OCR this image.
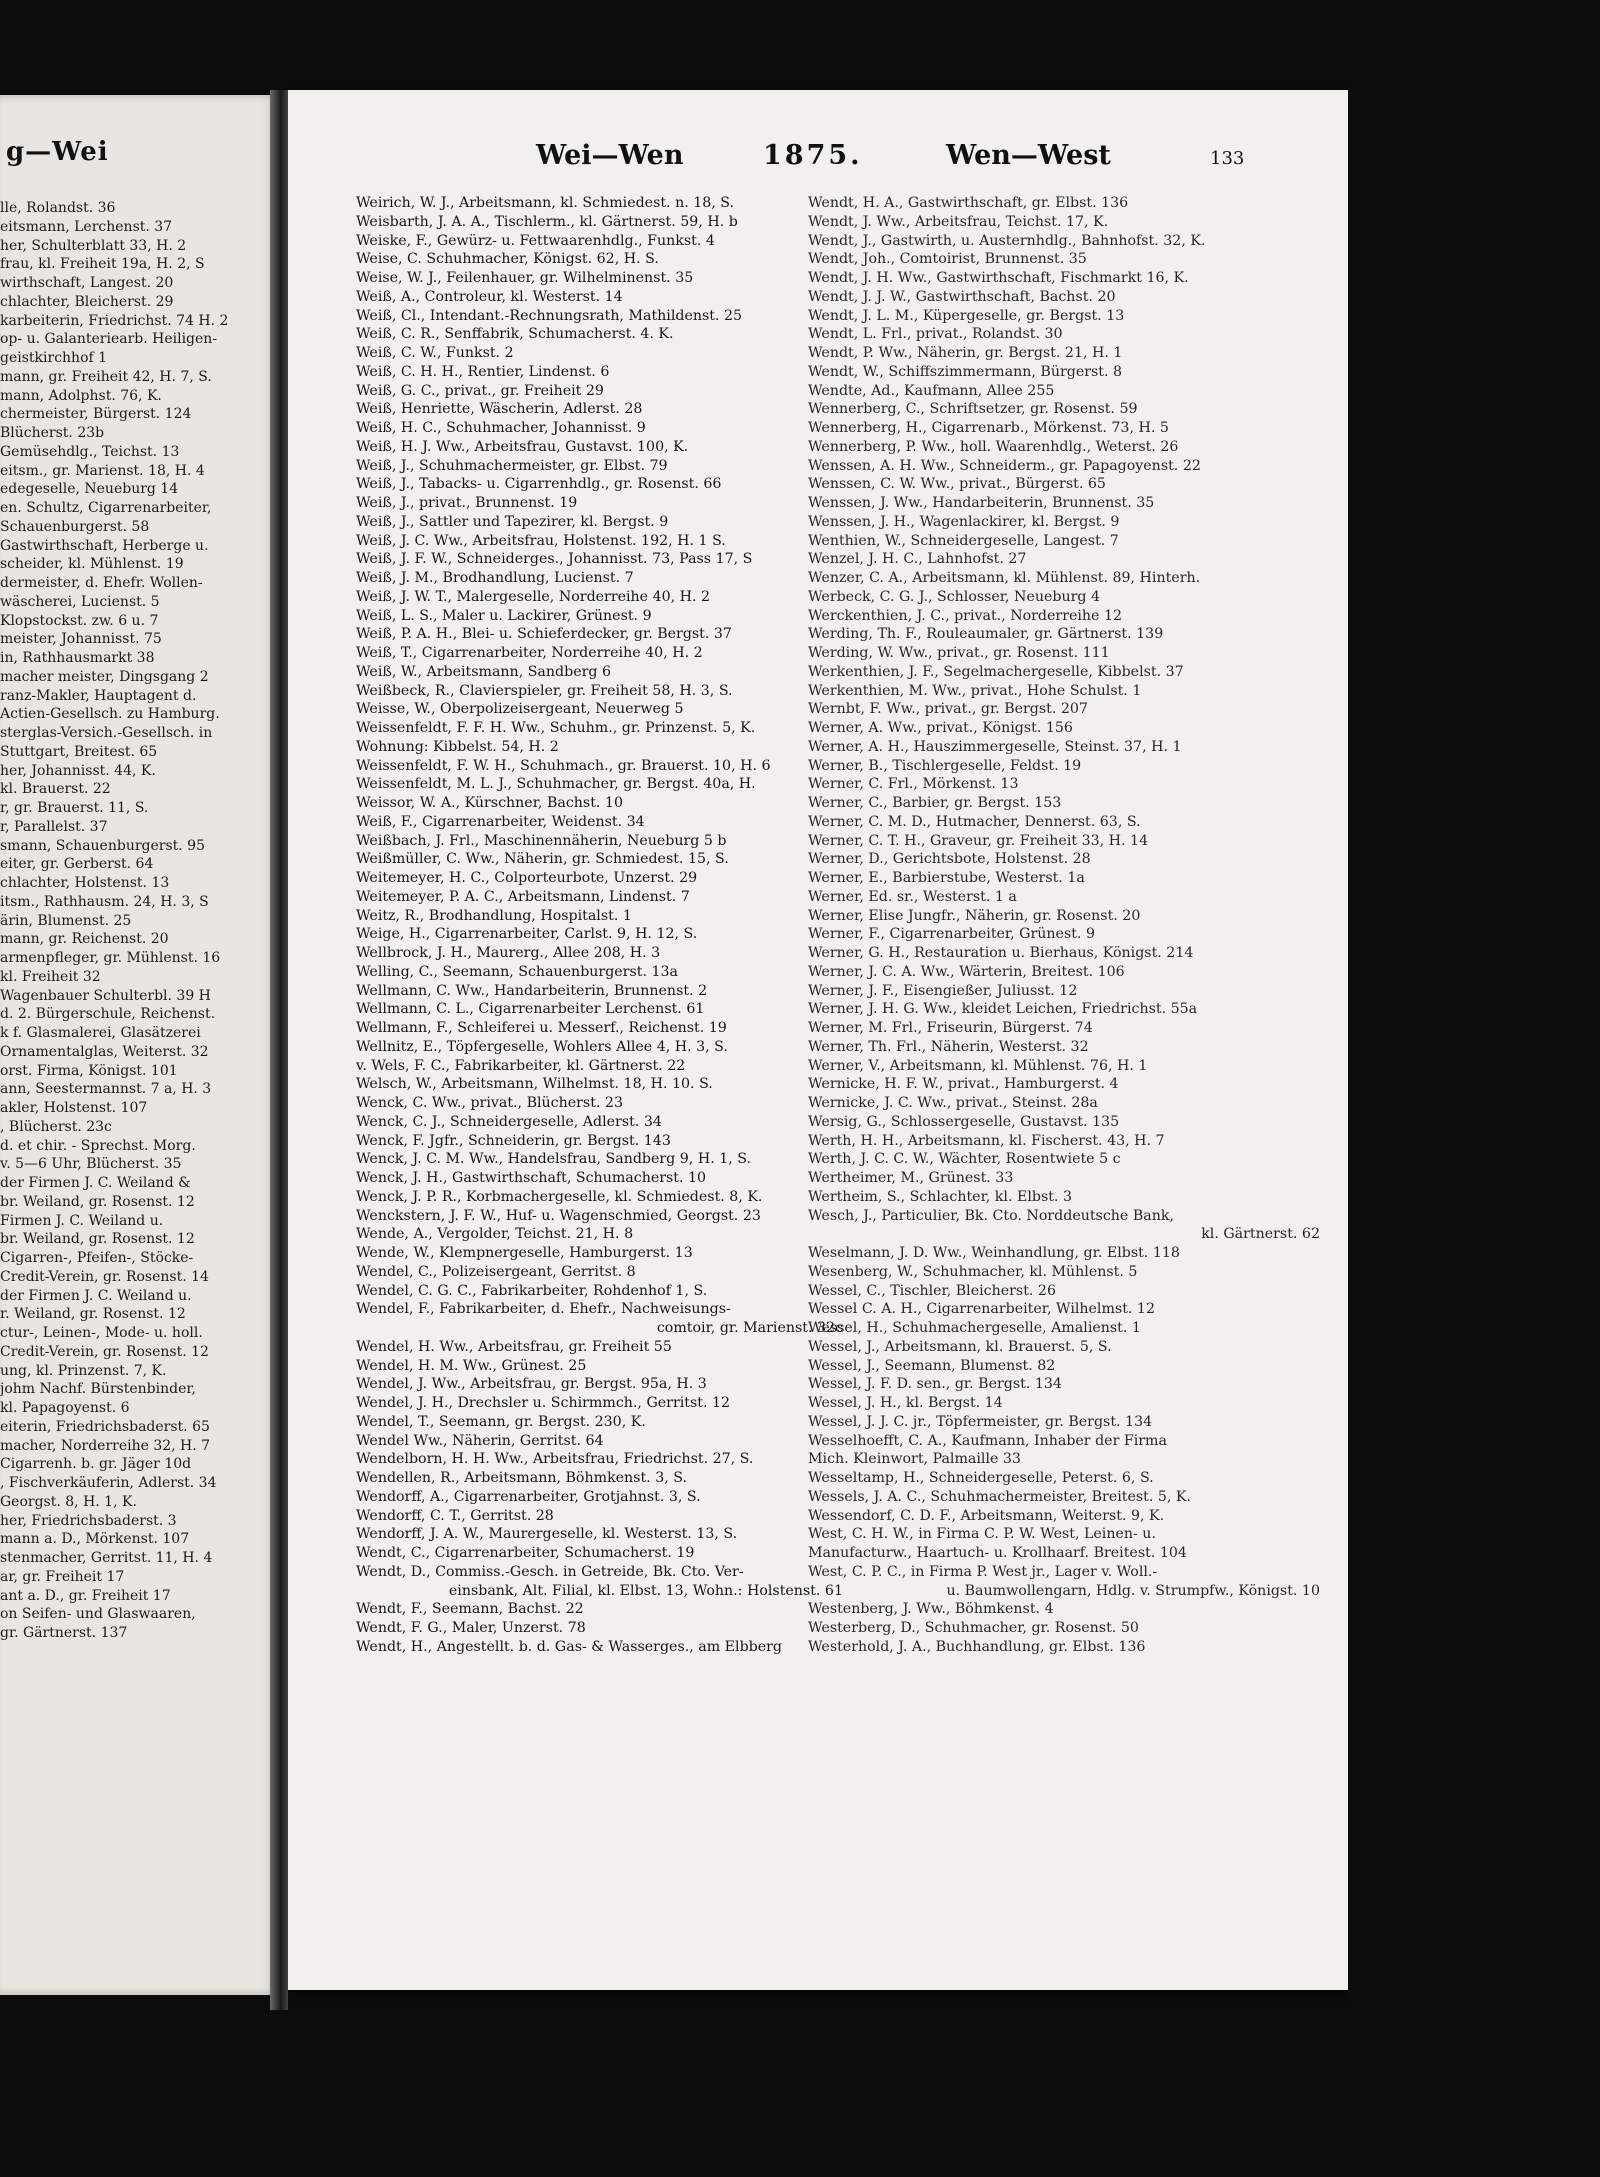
g—Wei
lle, Rolandst. 36
eitsmann, Lerchenst. 37
her, Schulterblatt 33, H. 2
frau, kl. Freiheit 19a, H. 2, S
wirthschaft, Langest. 20
chlachter, Bleicherst. 29
karbeiterin, Friedrichst. 74 H. 2
op- u. Galanteriearb. Heiligen-
geistkirchhof 1
mann, gr. Freiheit 42, H. 7, S.
mann, Adolphst. 76, K.
chermeister, Bürgerst. 124
Blücherst. 23b
Gemüsehdlg., Teichst. 13
eitsm., gr. Marienst. 18, H. 4
edegeselle, Neueburg 14
en. Schultz, Cigarrenarbeiter,
Schauenburgerst. 58
Gastwirthschaft, Herberge u.
scheider, kl. Mühlenst. 19
dermeister, d. Ehefr. Wollen-
wäscherei, Lucienst. 5
Klopstockst. zw. 6 u. 7
meister, Johannisst. 75
in, Rathhausmarkt 38
macher meister, Dingsgang 2
ranz-Makler, Hauptagent d.
Actien-Gesellsch. zu Hamburg.
sterglas-Versich.-Gesellsch. in
Stuttgart, Breitest. 65
her, Johannisst. 44, K.
kl. Brauerst. 22
r, gr. Brauerst. 11, S.
r, Parallelst. 37
smann, Schauenburgerst. 95
eiter, gr. Gerberst. 64
chlachter, Holstenst. 13
itsm., Rathhausm. 24, H. 3, S
ärin, Blumenst. 25
mann, gr. Reichenst. 20
armenpfleger, gr. Mühlenst. 16
kl. Freiheit 32
Wagenbauer Schulterbl. 39 H
d. 2. Bürgerschule, Reichenst.
k f. Glasmalerei, Glasätzerei
Ornamentalglas, Weiterst. 32
orst. Firma, Königst. 101
ann, Seestermannst. 7 a, H. 3
akler, Holstenst. 107
, Blücherst. 23c
d. et chir. - Sprechst. Morg.
v. 5—6 Uhr, Blücherst. 35
der Firmen J. C. Weiland &
br. Weiland, gr. Rosenst. 12
Firmen J. C. Weiland u.
br. Weiland, gr. Rosenst. 12
Cigarren-, Pfeifen-, Stöcke-
Credit-Verein, gr. Rosenst. 14
der Firmen J. C. Weiland u.
r. Weiland, gr. Rosenst. 12
ctur-, Leinen-, Mode- u. holl.
Credit-Verein, gr. Rosenst. 12
ung, kl. Prinzenst. 7, K.
johm Nachf. Bürstenbinder,
kl. Papagoyenst. 6
eiterin, Friedrichsbaderst. 65
macher, Norderreihe 32, H. 7
Cigarrenh. b. gr. Jäger 10d
, Fischverkäuferin, Adlerst. 34
Georgst. 8, H. 1, K.
her, Friedrichsbaderst. 3
mann a. D., Mörkenst. 107
stenmacher, Gerritst. 11, H. 4
ar, gr. Freiheit 17
ant a. D., gr. Freiheit 17
on Seifen- und Glaswaaren,
gr. Gärtnerst. 137
Wei—Wen	1875.	Wen—West	133
Weirich, W. J., Arbeitsmann, kl. Schmiedest. n. 18, S.
Weisbarth, J. A. A., Tischlerm., kl. Gärtnerst. 59, H. b
Weiske, F., Gewürz- u. Fettwaarenhdlg., Funkst. 4
Weise, C. Schuhmacher, Königst. 62, H. S.
Weise, W. J., Feilenhauer, gr. Wilhelminenst. 35
Weiß, A., Controleur, kl. Westerst. 14
Weiß, Cl., Intendant.-Rechnungsrath, Mathildenst. 25
Weiß, C. R., Senffabrik, Schumacherst. 4. K.
Weiß, C. W., Funkst. 2
Weiß, C. H. H., Rentier, Lindenst. 6
Weiß, G. C., privat., gr. Freiheit 29
Weiß, Henriette, Wäscherin, Adlerst. 28
Weiß, H. C., Schuhmacher, Johannisst. 9
Weiß, H. J. Ww., Arbeitsfrau, Gustavst. 100, K.
Weiß, J., Schuhmachermeister, gr. Elbst. 79
Weiß, J., Tabacks- u. Cigarrenhdlg., gr. Rosenst. 66
Weiß, J., privat., Brunnenst. 19
Weiß, J., Sattler und Tapezirer, kl. Bergst. 9
Weiß, J. C. Ww., Arbeitsfrau, Holstenst. 192, H. 1 S.
Weiß, J. F. W., Schneiderges., Johannisst. 73, Pass 17, S
Weiß, J. M., Brodhandlung, Lucienst. 7
Weiß, J. W. T., Malergeselle, Norderreihe 40, H. 2
Weiß, L. S., Maler u. Lackirer, Grünest. 9
Weiß, P. A. H., Blei- u. Schieferdecker, gr. Bergst. 37
Weiß, T., Cigarrenarbeiter, Norderreihe 40, H. 2
Weiß, W., Arbeitsmann, Sandberg 6
Weißbeck, R., Clavierspieler, gr. Freiheit 58, H. 3, S.
Weisse, W., Oberpolizeisergeant, Neuerweg 5
Weissenfeldt, F. F. H. Ww., Schuhm., gr. Prinzenst. 5, K.
Wohnung: Kibbelst. 54, H. 2
Weissenfeldt, F. W. H., Schuhmach., gr. Brauerst. 10, H. 6
Weissenfeldt, M. L. J., Schuhmacher, gr. Bergst. 40a, H.
Weissor, W. A., Kürschner, Bachst. 10
Weiß, F., Cigarrenarbeiter, Weidenst. 34
Weißbach, J. Frl., Maschinennäherin, Neueburg 5 b
Weißmüller, C. Ww., Näherin, gr. Schmiedest. 15, S.
Weitemeyer, H. C., Colporteurbote, Unzerst. 29
Weitemeyer, P. A. C., Arbeitsmann, Lindenst. 7
Weitz, R., Brodhandlung, Hospitalst. 1
Weige, H., Cigarrenarbeiter, Carlst. 9, H. 12, S.
Wellbrock, J. H., Maurerg., Allee 208, H. 3
Welling, C., Seemann, Schauenburgerst. 13a
Wellmann, C. Ww., Handarbeiterin, Brunnenst. 2
Wellmann, C. L., Cigarrenarbeiter Lerchenst. 61
Wellmann, F., Schleiferei u. Messerf., Reichenst. 19
Wellnitz, E., Töpfergeselle, Wohlers Allee 4, H. 3, S.
v. Wels, F. C., Fabrikarbeiter, kl. Gärtnerst. 22
Welsch, W., Arbeitsmann, Wilhelmst. 18, H. 10. S.
Wenck, C. Ww., privat., Blücherst. 23
Wenck, C. J., Schneidergeselle, Adlerst. 34
Wenck, F. Jgfr., Schneiderin, gr. Bergst. 143
Wenck, J. C. M. Ww., Handelsfrau, Sandberg 9, H. 1, S.
Wenck, J. H., Gastwirthschaft, Schumacherst. 10
Wenck, J. P. R., Korbmachergeselle, kl. Schmiedest. 8, K.
Wenckstern, J. F. W., Huf- u. Wagenschmied, Georgst. 23
Wende, A., Vergolder, Teichst. 21, H. 8
Wende, W., Klempnergeselle, Hamburgerst. 13
Wendel, C., Polizeisergeant, Gerritst. 8
Wendel, C. G. C., Fabrikarbeiter, Rohdenhof 1, S.
Wendel, F., Fabrikarbeiter, d. Ehefr., Nachweisungs-
comtoir, gr. Marienst. 32c
Wendel, H. Ww., Arbeitsfrau, gr. Freiheit 55
Wendel, H. M. Ww., Grünest. 25
Wendel, J. Ww., Arbeitsfrau, gr. Bergst. 95a, H. 3
Wendel, J. H., Drechsler u. Schirmmch., Gerritst. 12
Wendel, T., Seemann, gr. Bergst. 230, K.
Wendel Ww., Näherin, Gerritst. 64
Wendelborn, H. H. Ww., Arbeitsfrau, Friedrichst. 27, S.
Wendellen, R., Arbeitsmann, Böhmkenst. 3, S.
Wendorff, A., Cigarrenarbeiter, Grotjahnst. 3, S.
Wendorff, C. T., Gerritst. 28
Wendorff, J. A. W., Maurergeselle, kl. Westerst. 13, S.
Wendt, C., Cigarrenarbeiter, Schumacherst. 19
Wendt, D., Commiss.-Gesch. in Getreide, Bk. Cto. Ver-
einsbank, Alt. Filial, kl. Elbst. 13, Wohn.: Holstenst. 61
Wendt, F., Seemann, Bachst. 22
Wendt, F. G., Maler, Unzerst. 78
Wendt, H., Angestellt. b. d. Gas- & Wasserges., am Elbberg
Wendt, H. A., Gastwirthschaft, gr. Elbst. 136
Wendt, J. Ww., Arbeitsfrau, Teichst. 17, K.
Wendt, J., Gastwirth, u. Austernhdlg., Bahnhofst. 32, K.
Wendt, Joh., Comtoirist, Brunnenst. 35
Wendt, J. H. Ww., Gastwirthschaft, Fischmarkt 16, K.
Wendt, J. J. W., Gastwirthschaft, Bachst. 20
Wendt, J. L. M., Küpergeselle, gr. Bergst. 13
Wendt, L. Frl., privat., Rolandst. 30
Wendt, P. Ww., Näherin, gr. Bergst. 21, H. 1
Wendt, W., Schiffszimmermann, Bürgerst. 8
Wendte, Ad., Kaufmann, Allee 255
Wennerberg, C., Schriftsetzer, gr. Rosenst. 59
Wennerberg, H., Cigarrenarb., Mörkenst. 73, H. 5
Wennerberg, P. Ww., holl. Waarenhdlg., Weterst. 26
Wenssen, A. H. Ww., Schneiderm., gr. Papagoyenst. 22
Wenssen, C. W. Ww., privat., Bürgerst. 65
Wenssen, J. Ww., Handarbeiterin, Brunnenst. 35
Wenssen, J. H., Wagenlackirer, kl. Bergst. 9
Wenthien, W., Schneidergeselle, Langest. 7
Wenzel, J. H. C., Lahnhofst. 27
Wenzer, C. A., Arbeitsmann, kl. Mühlenst. 89, Hinterh.
Werbeck, C. G. J., Schlosser, Neueburg 4
Werckenthien, J. C., privat., Norderreihe 12
Werding, Th. F., Rouleaumaler, gr. Gärtnerst. 139
Werding, W. Ww., privat., gr. Rosenst. 111
Werkenthien, J. F., Segelmachergeselle, Kibbelst. 37
Werkenthien, M. Ww., privat., Hohe Schulst. 1
Wernbt, F. Ww., privat., gr. Bergst. 207
Werner, A. Ww., privat., Königst. 156
Werner, A. H., Hauszimmergeselle, Steinst. 37, H. 1
Werner, B., Tischlergeselle, Feldst. 19
Werner, C. Frl., Mörkenst. 13
Werner, C., Barbier, gr. Bergst. 153
Werner, C. M. D., Hutmacher, Dennerst. 63, S.
Werner, C. T. H., Graveur, gr. Freiheit 33, H. 14
Werner, D., Gerichtsbote, Holstenst. 28
Werner, E., Barbierstube, Westerst. 1a
Werner, Ed. sr., Westerst. 1 a
Werner, Elise Jungfr., Näherin, gr. Rosenst. 20
Werner, F., Cigarrenarbeiter, Grünest. 9
Werner, G. H., Restauration u. Bierhaus, Königst. 214
Werner, J. C. A. Ww., Wärterin, Breitest. 106
Werner, J. F., Eisengießer, Juliusst. 12
Werner, J. H. G. Ww., kleidet Leichen, Friedrichst. 55a
Werner, M. Frl., Friseurin, Bürgerst. 74
Werner, Th. Frl., Näherin, Westerst. 32
Werner, V., Arbeitsmann, kl. Mühlenst. 76, H. 1
Wernicke, H. F. W., privat., Hamburgerst. 4
Wernicke, J. C. Ww., privat., Steinst. 28a
Wersig, G., Schlossergeselle, Gustavst. 135
Werth, H. H., Arbeitsmann, kl. Fischerst. 43, H. 7
Werth, J. C. C. W., Wächter, Rosentwiete 5 c
Wertheimer, M., Grünest. 33
Wertheim, S., Schlachter, kl. Elbst. 3
Wesch, J., Particulier, Bk. Cto. Norddeutsche Bank,
kl. Gärtnerst. 62
Weselmann, J. D. Ww., Weinhandlung, gr. Elbst. 118
Wesenberg, W., Schuhmacher, kl. Mühlenst. 5
Wessel, C., Tischler, Bleicherst. 26
Wessel C. A. H., Cigarrenarbeiter, Wilhelmst. 12
Wessel, H., Schuhmachergeselle, Amalienst. 1
Wessel, J., Arbeitsmann, kl. Brauerst. 5, S.
Wessel, J., Seemann, Blumenst. 82
Wessel, J. F. D. sen., gr. Bergst. 134
Wessel, J. H., kl. Bergst. 14
Wessel, J. J. C. jr., Töpfermeister, gr. Bergst. 134
Wesselhoefft, C. A., Kaufmann, Inhaber der Firma
Mich. Kleinwort, Palmaille 33
Wesseltamp, H., Schneidergeselle, Peterst. 6, S.
Wessels, J. A. C., Schuhmachermeister, Breitest. 5, K.
Wessendorf, C. D. F., Arbeitsmann, Weiterst. 9, K.
West, C. H. W., in Firma C. P. W. West, Leinen- u.
Manufacturw., Haartuch- u. Krollhaarf. Breitest. 104
West, C. P. C., in Firma P. West jr., Lager v. Woll.-
u. Baumwollengarn, Hdlg. v. Strumpfw., Königst. 10
Westenberg, J. Ww., Böhmkenst. 4
Westerberg, D., Schuhmacher, gr. Rosenst. 50
Westerhold, J. A., Buchhandlung, gr. Elbst. 136
